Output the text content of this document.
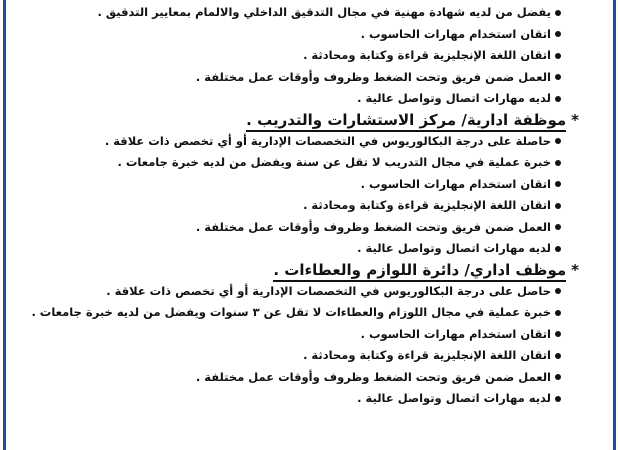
يفضل من لديه شهادة مهنية في مجال التدقيق الداخلي والالمام بمعايير التدقيق .
اتقان استخدام مهارات الحاسوب .
اتقان اللغة الإنجليزية قراءة وكتابة ومحادثة .
العمل ضمن فريق وتحت الضغط وظروف وأوقات عمل مختلفة .
لديه مهارات اتصال وتواصل عالية .
*
موظفة ادارية/ مركز الاستشارات والتدريب .
حاصلة على درجة البكالوريوس في التخصصات الإدارية أو أي تخصص ذات علاقة .
خبرة عملية في مجال التدريب لا تقل عن سنة ويفضل من لديه خبرة جامعات .
اتقان استخدام مهارات الحاسوب .
اتقان اللغة الإنجليزية قراءة وكتابة ومحادثة .
العمل ضمن فريق وتحت الضغط وظروف وأوقات عمل مختلفة .
لديه مهارات اتصال وتواصل عالية .
*
موظف اداري/ دائرة اللوازم والعطاءات .
حاصل على درجة البكالوريوس في التخصصات الإدارية أو أي تخصص ذات علاقة .
خبرة عملية في مجال اللوزام والعطاءات لا تقل عن ٣ سنوات ويفضل من لديه خبرة جامعات .
اتقان استخدام مهارات الحاسوب .
اتقان اللغة الإنجليزية قراءة وكتابة ومحادثة .
العمل ضمن فريق وتحت الضغط وظروف وأوقات عمل مختلفة .
لديه مهارات اتصال وتواصل عالية .
